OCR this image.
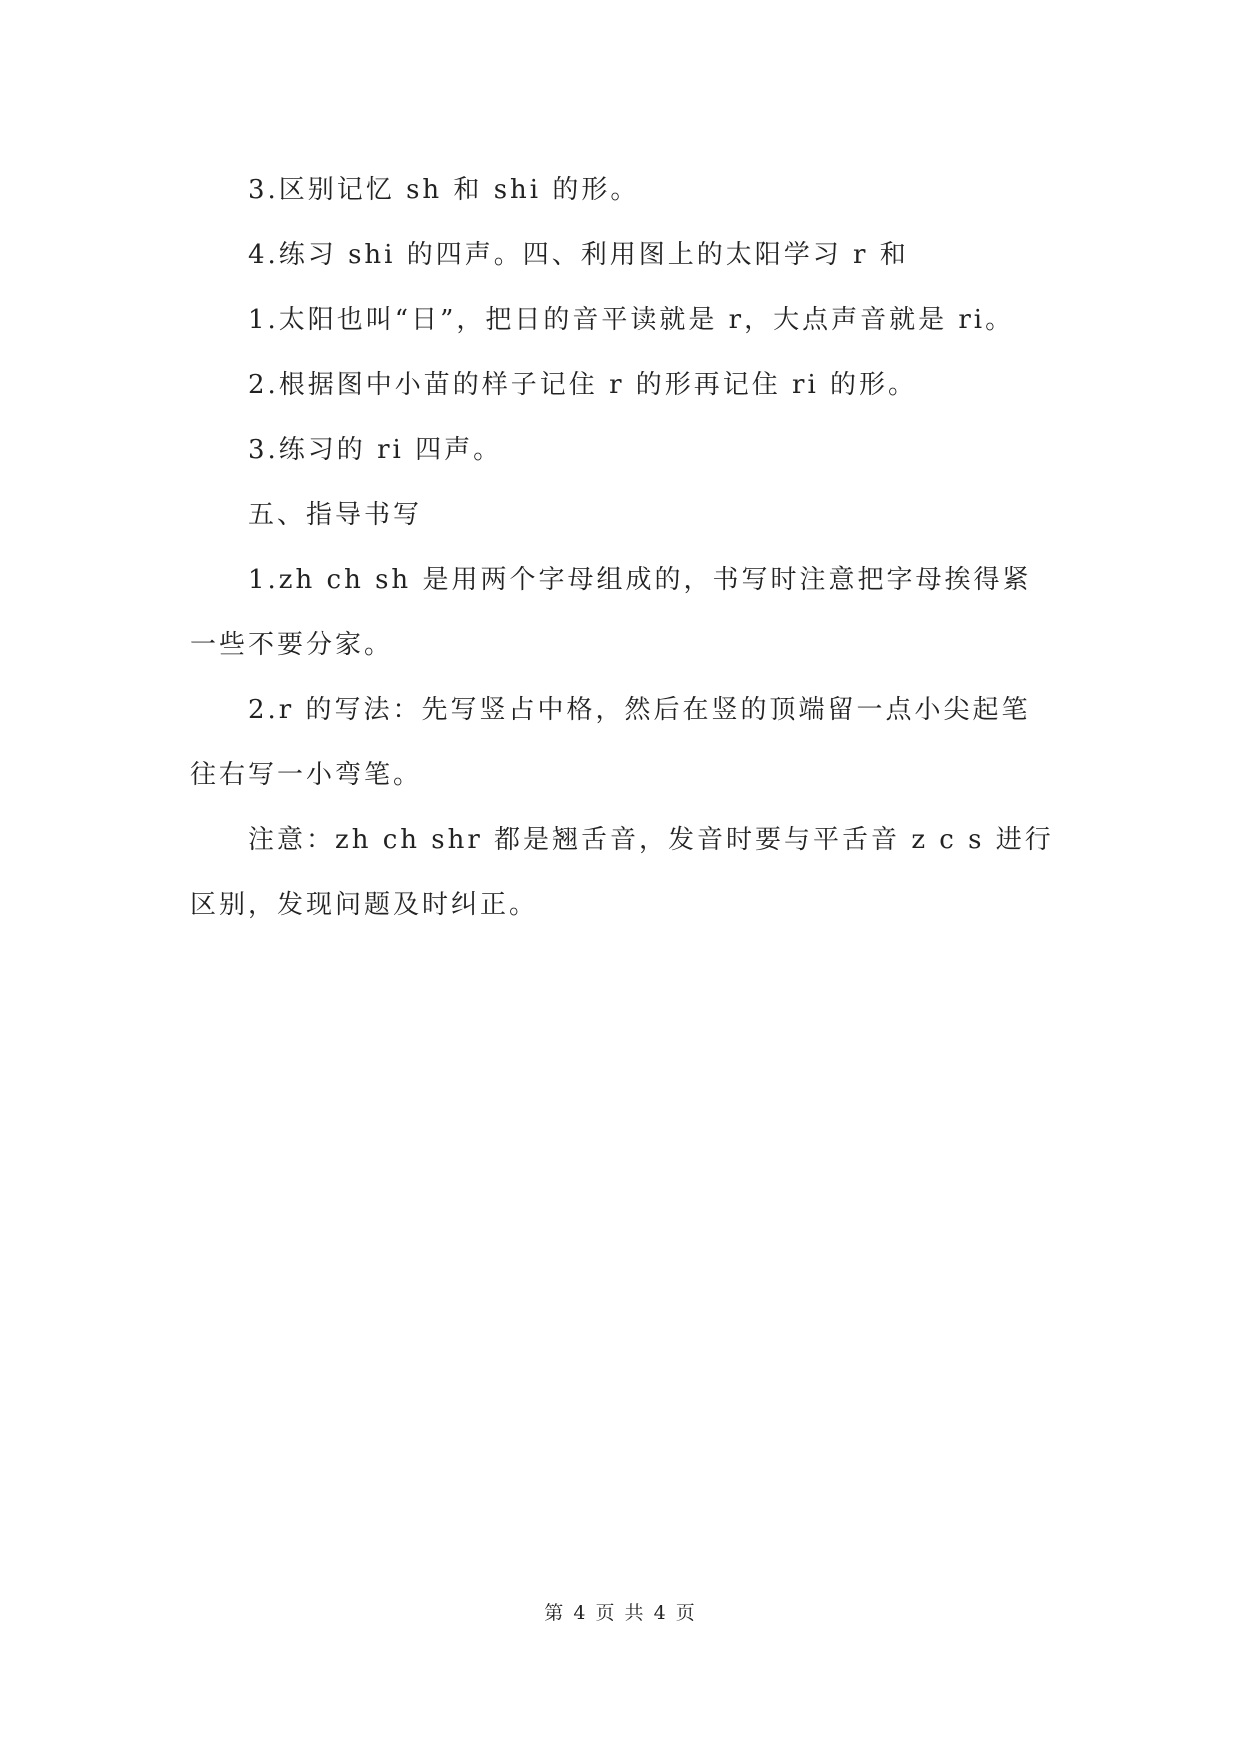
3.区别记忆 sh 和 shi 的形。

4.练习 shi 的四声。四、利用图上的太阳学习 r 和

1.太阳也叫“日”，把日的音平读就是 r，大点声音就是 ri。

2.根据图中小苗的样子记住 r 的形再记住 ri 的形。

3.练习的 ri 四声。

五、指导书写

1.zh ch sh 是用两个字母组成的，书写时注意把字母挨得紧一些不要分家。

2.r 的写法：先写竖占中格，然后在竖的顶端留一点小尖起笔往右写一小弯笔。

注意：zh ch shr 都是翘舌音，发音时要与平舌音 z c s 进行区别，发现问题及时纠正。

第 4 页 共 4 页
